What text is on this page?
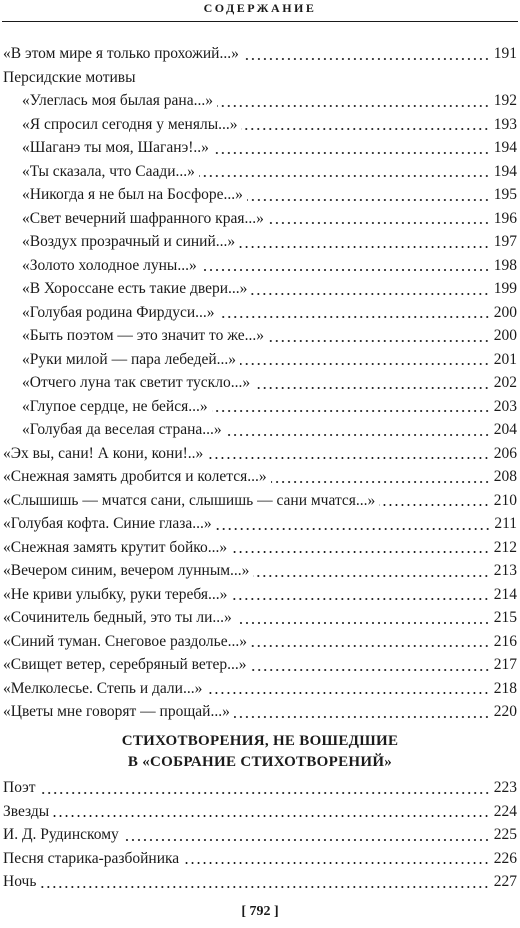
СОДЕРЖАНИЕ
«В этом мире я только прохожий...»	191
Персидские мотивы
«Улеглась моя былая рана...»	192
«Я спросил сегодня у менялы...»	193
«Шаганэ ты моя, Шаганэ!..»	194
«Ты сказала, что Саади...»	194
«Никогда я не был на Босфоре...»	195
«Свет вечерний шафранного края...»	196
«Воздух прозрачный и синий...»	197
«Золото холодное луны...»	198
«В Хороссане есть такие двери...»	199
«Голубая родина Фирдуси...»	200
«Быть поэтом — это значит то же...»	200
«Руки милой — пара лебедей...»	201
«Отчего луна так светит тускло...»	202
«Глупое сердце, не бейся...»	203
«Голубая да веселая страна...»	204
«Эх вы, сани! А кони, кони!..»	206
«Снежная замять дробится и колется...»	208
«Слышишь — мчатся сани, слышишь — сани мчатся...»	210
«Голубая кофта. Синие глаза...»	211
«Снежная замять крутит бойко...»	212
«Вечером синим, вечером лунным...»	213
«Не криви улыбку, руки теребя...»	214
«Сочинитель бедный, это ты ли...»	215
«Синий туман. Снеговое раздолье...»	216
«Свищет ветер, серебряный ветер...»	217
«Мелколесье. Степь и дали...»	218
«Цветы мне говорят — прощай...»	220
СТИХОТВОРЕНИЯ, НЕ ВОШЕДШИЕ
В «СОБРАНИЕ СТИХОТВОРЕНИЙ»
Поэт	223
Звезды	224
И. Д. Рудинскому	225
Песня старика-разбойника	226
Ночь	227
[ 792 ]
